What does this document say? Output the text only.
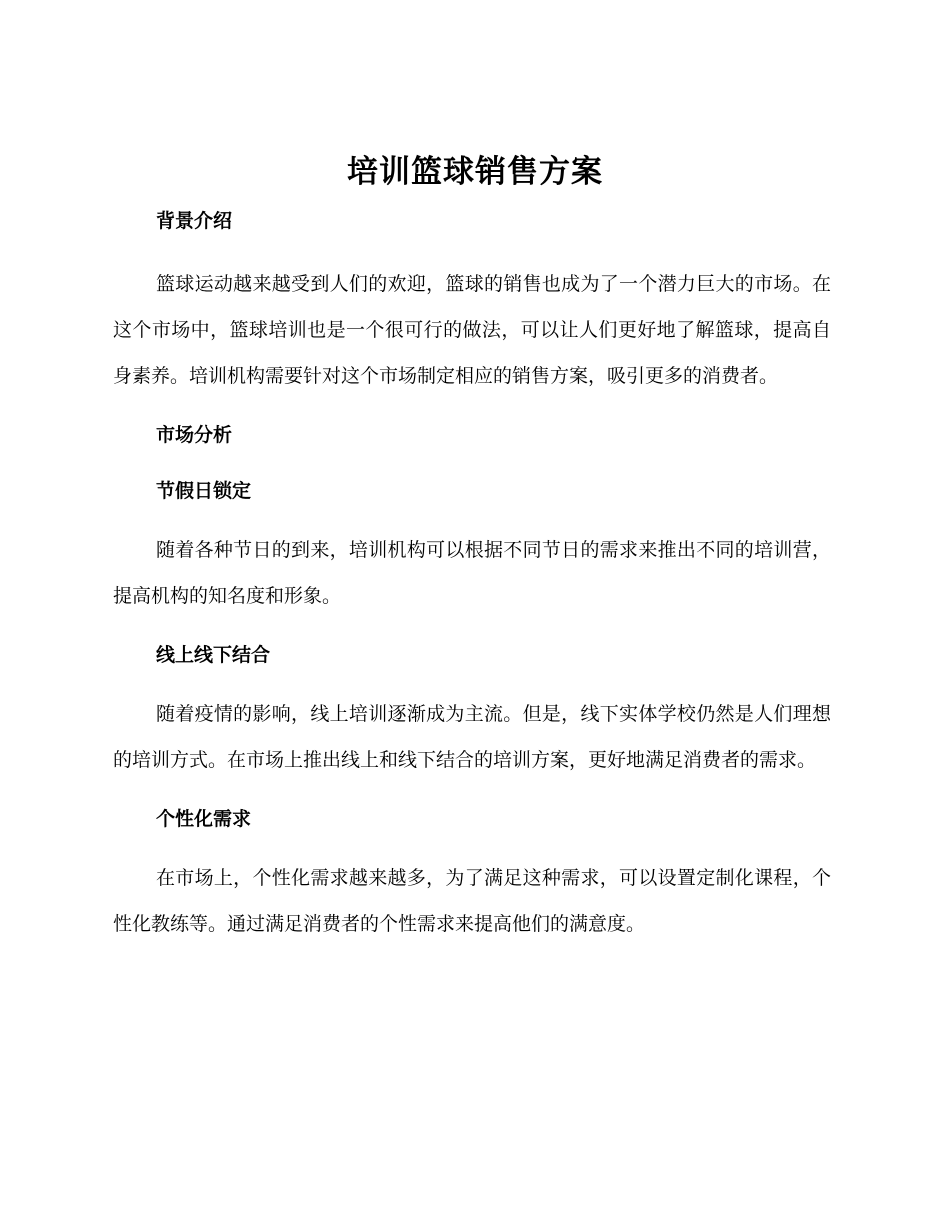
培训篮球销售方案
背景介绍
篮球运动越来越受到人们的欢迎，篮球的销售也成为了一个潜力巨大的市场。在这个市场中，篮球培训也是一个很可行的做法，可以让人们更好地了解篮球，提高自身素养。培训机构需要针对这个市场制定相应的销售方案，吸引更多的消费者。
市场分析
节假日锁定
随着各种节日的到来，培训机构可以根据不同节日的需求来推出不同的培训营，提高机构的知名度和形象。
线上线下结合
随着疫情的影响，线上培训逐渐成为主流。但是，线下实体学校仍然是人们理想的培训方式。在市场上推出线上和线下结合的培训方案，更好地满足消费者的需求。
个性化需求
在市场上，个性化需求越来越多，为了满足这种需求，可以设置定制化课程，个性化教练等。通过满足消费者的个性需求来提高他们的满意度。
